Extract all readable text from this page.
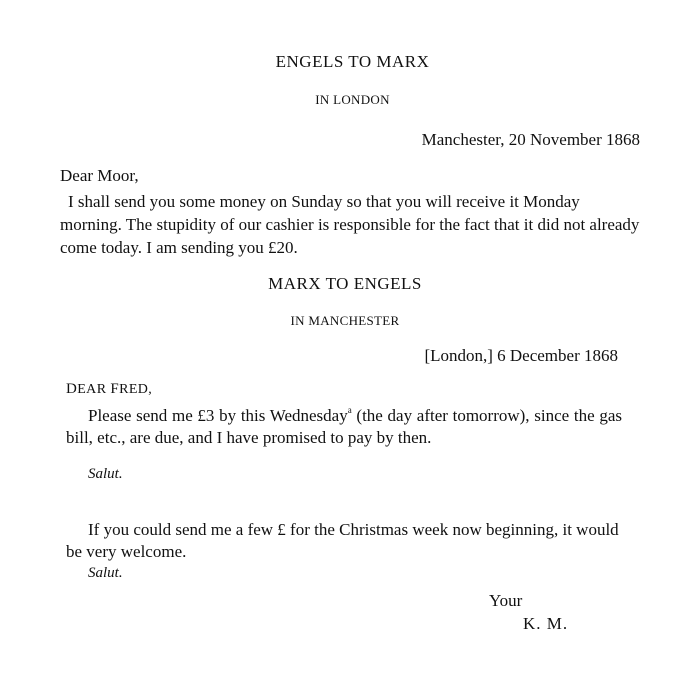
ENGELS TO MARX
IN LONDON
Manchester, 20 November 1868
Dear Moor,
I shall send you some money on Sunday so that you will receive it Monday morning. The stupidity of our cashier is responsible for the fact that it did not already come today. I am sending you £20.
MARX TO ENGELS
IN MANCHESTER
[London,] 6 December 1868
DEAR FRED,
Please send me £3 by this Wednesday$^a$ (the day after tomorrow), since the gas bill, etc., are due, and I have promised to pay by then.
Salut.
If you could send me a few £ for the Christmas week now beginning, it would be very welcome.
Salut.
Your
K. M.
